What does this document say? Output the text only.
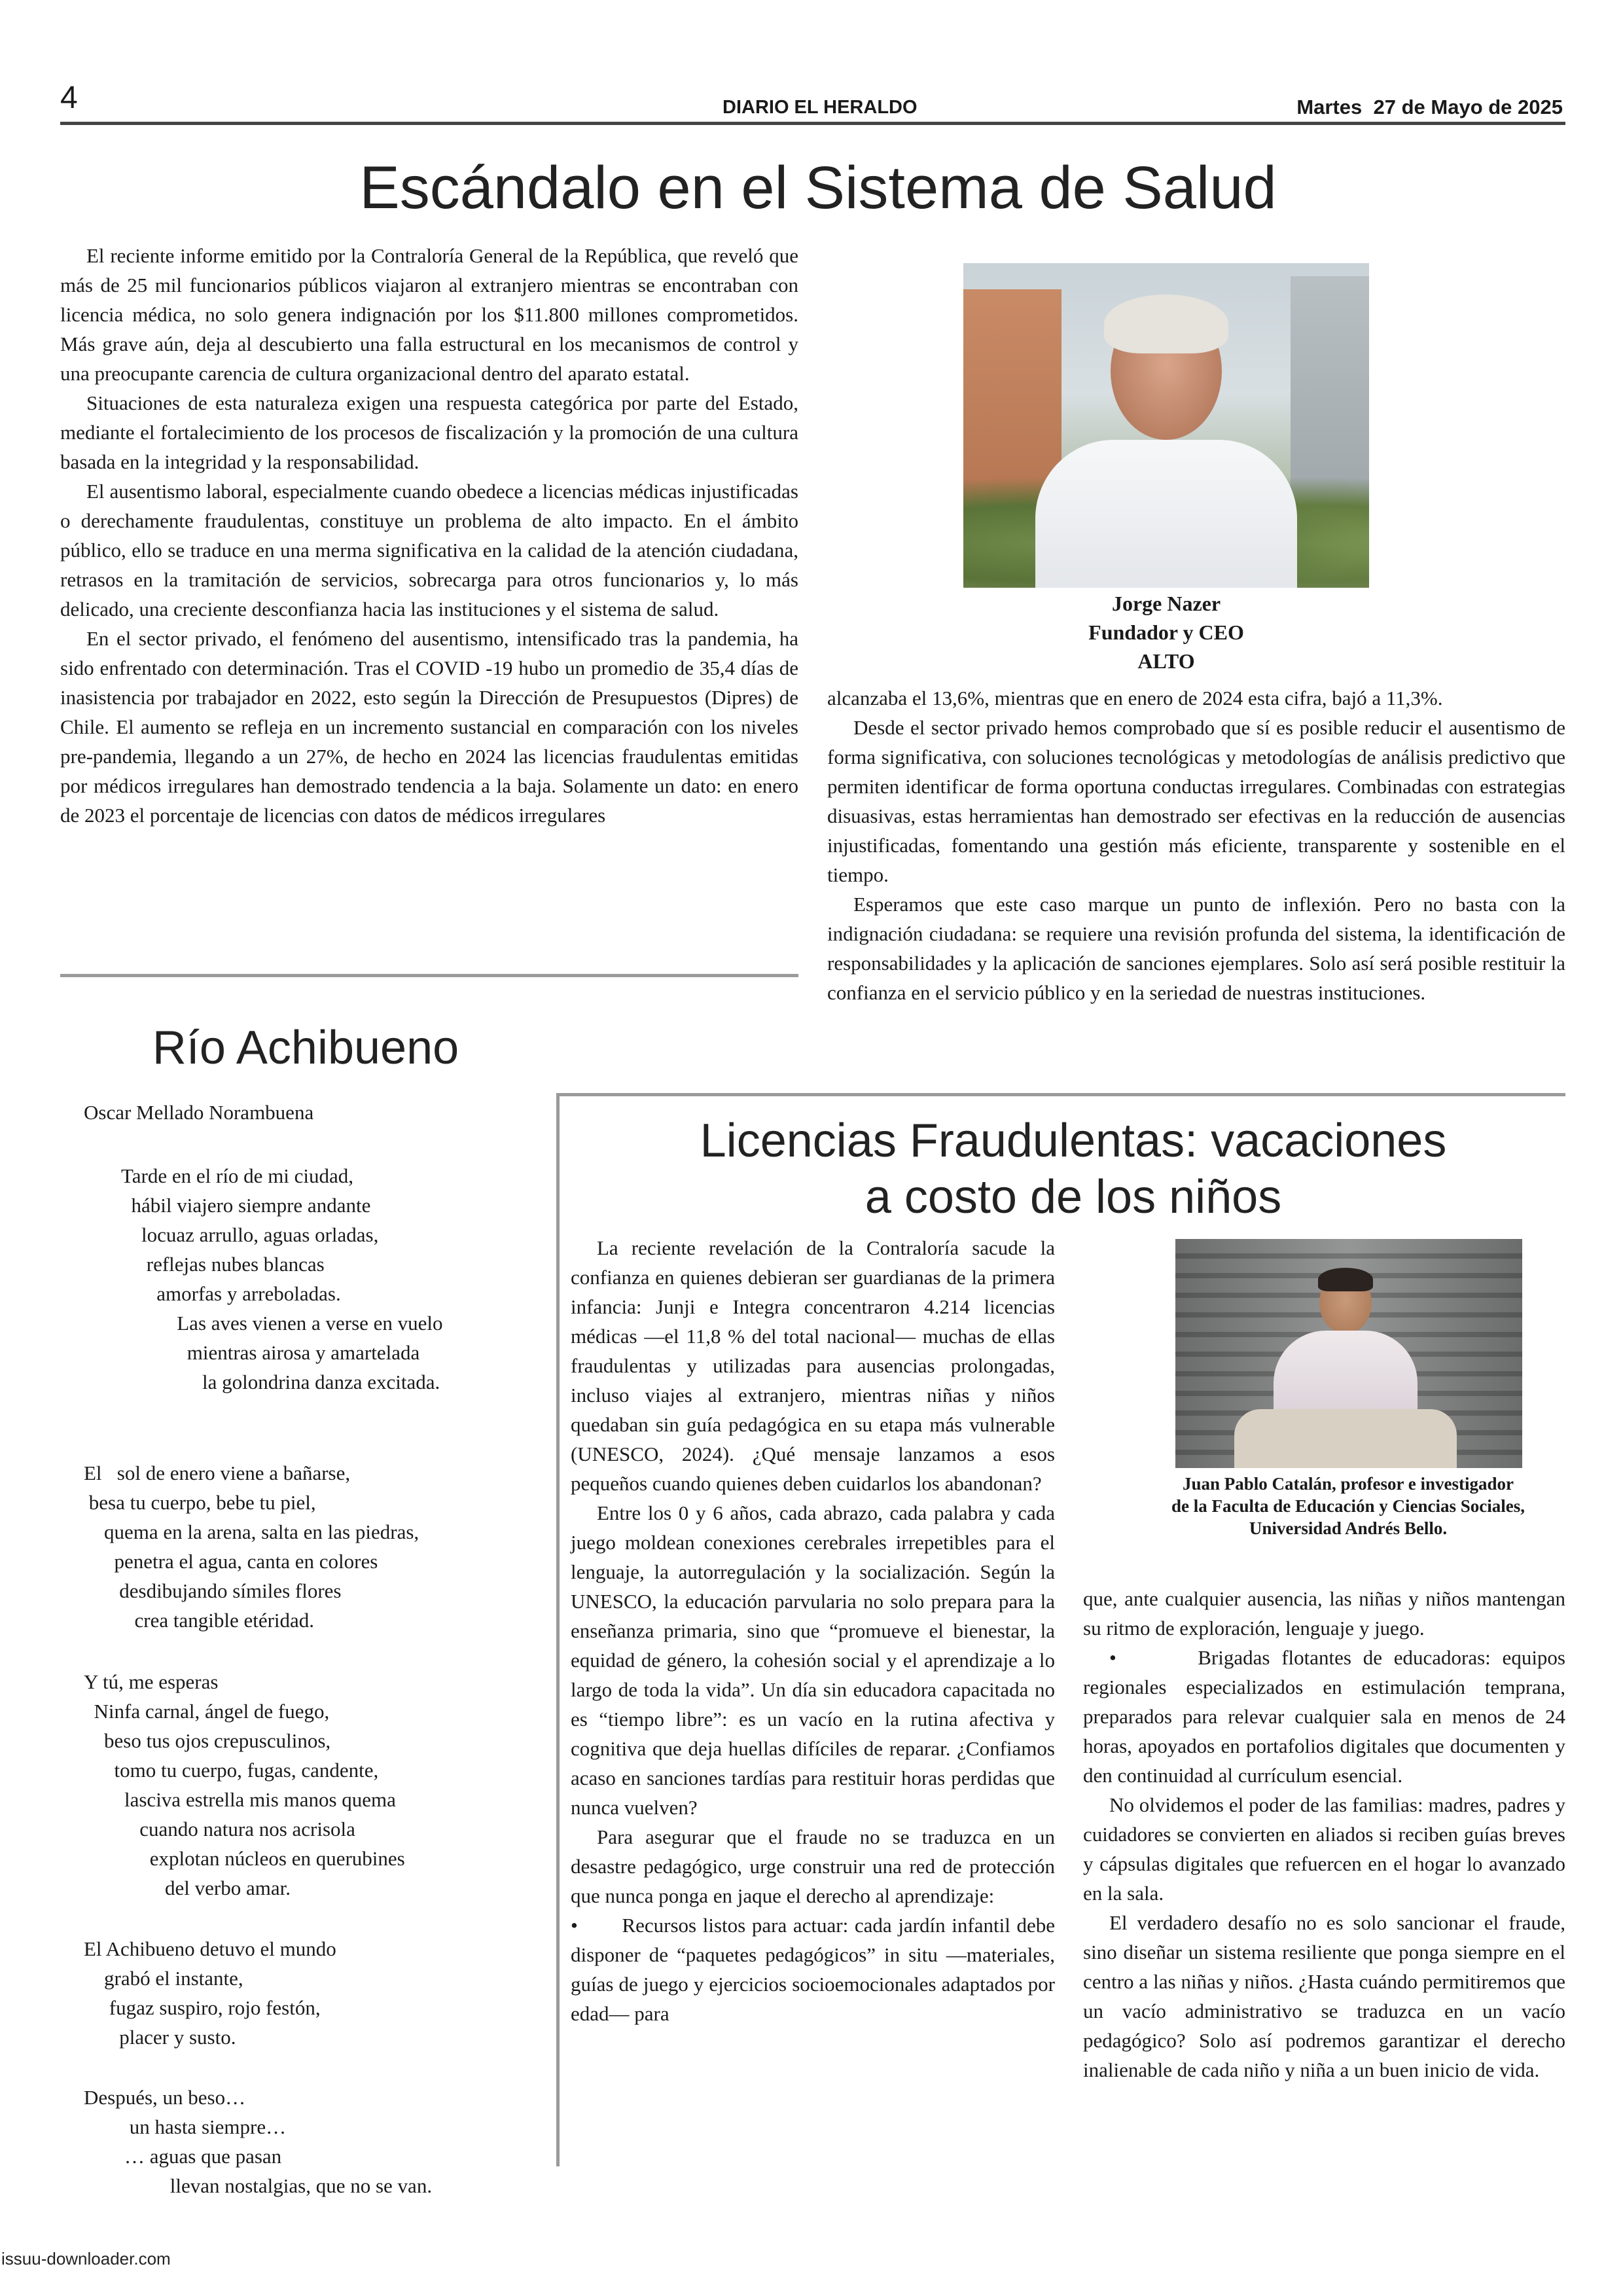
4	DIARIO EL HERALDO	Martes  27 de Mayo de 2025
Escándalo en el Sistema de Salud

El reciente informe emitido por la Contraloría General de la República, que reveló que más de 25 mil funcionarios públicos viajaron al extranjero mientras se encontraban con licencia médica, no solo genera indignación por los $11.800 millones comprometidos. Más grave aún, deja al descubierto una falla estructural en los mecanismos de control y una preocupante carencia de cultura organizacional dentro del aparato estatal.

Situaciones de esta naturaleza exigen una respuesta categórica por parte del Estado, mediante el fortalecimiento de los procesos de fiscalización y la promoción de una cultura basada en la integridad y la responsabilidad.

El ausentismo laboral, especialmente cuando obedece a licencias médicas injustificadas o derechamente fraudulentas, constituye un problema de alto impacto. En el ámbito público, ello se traduce en una merma significativa en la calidad de la atención ciudadana, retrasos en la tramitación de servicios, sobrecarga para otros funcionarios y, lo más delicado, una creciente desconfianza hacia las instituciones y el sistema de salud.

En el sector privado, el fenómeno del ausentismo, intensificado tras la pandemia, ha sido enfrentado con determinación. Tras el COVID -19 hubo un promedio de 35,4 días de inasistencia por trabajador en 2022, esto según la Dirección de Presupuestos (Dipres) de Chile. El aumento se refleja en un incremento sustancial en comparación con los niveles pre-pandemia, llegando a un 27%, de hecho en 2024 las licencias fraudulentas emitidas por médicos irregulares han demostrado tendencia a la baja. Solamente un dato: en enero de 2023 el porcentaje de licencias con datos de médicos irregulares

Jorge Nazer
Fundador y CEO
ALTO

alcanzaba el 13,6%, mientras que en enero de 2024 esta cifra, bajó a 11,3%.

Desde el sector privado hemos comprobado que sí es posible reducir el ausentismo de forma significativa, con soluciones tecnológicas y metodologías de análisis predictivo que permiten identificar de forma oportuna conductas irregulares. Combinadas con estrategias disuasivas, estas herramientas han demostrado ser efectivas en la reducción de ausencias injustificadas, fomentando una gestión más eficiente, transparente y sostenible en el tiempo.

Esperamos que este caso marque un punto de inflexión. Pero no basta con la indignación ciudadana: se requiere una revisión profunda del sistema, la identificación de responsabilidades y la aplicación de sanciones ejemplares. Solo así será posible restituir la confianza en el servicio público y en la seriedad de nuestras instituciones.

Río Achibueno
Oscar Mellado Norambuena
Tarde en el río de mi ciudad,
hábil viajero siempre andante
locuaz arrullo, aguas orladas,
reflejas nubes blancas
amorfas y arreboladas.
Las aves vienen a verse en vuelo
mientras airosa y amartelada
la golondrina danza excitada.
El   sol de enero viene a bañarse,
besa tu cuerpo, bebe tu piel,
quema en la arena, salta en las piedras,
penetra el agua, canta en colores
desdibujando símiles flores
crea tangible etéridad.
Y tú, me esperas
Ninfa carnal, ángel de fuego,
beso tus ojos crepusculinos,
tomo tu cuerpo, fugas, candente,
lasciva estrella mis manos quema
cuando natura nos acrisola
explotan núcleos en querubines
del verbo amar.
El Achibueno detuvo el mundo
grabó el instante,
fugaz suspiro, rojo festón,
placer y susto.
Después, un beso…
un hasta siempre…
… aguas que pasan
llevan nostalgias, que no se van.
Licencias Fraudulentas: vacaciones
a costo de los niños

La reciente revelación de la Contraloría sacude la confianza en quienes debieran ser guardianas de la primera infancia: Junji e Integra concentraron 4.214 licencias médicas —el 11,8 % del total nacional— muchas de ellas fraudulentas y utilizadas para ausencias prolongadas, incluso viajes al extranjero, mientras niñas y niños quedaban sin guía pedagógica en su etapa más vulnerable (UNESCO, 2024). ¿Qué mensaje lanzamos a esos pequeños cuando quienes deben cuidarlos los abandonan?

Entre los 0 y 6 años, cada abrazo, cada palabra y cada juego moldean conexiones cerebrales irrepetibles para el lenguaje, la autorregulación y la socialización. Según la UNESCO, la educación parvularia no solo prepara para la enseñanza primaria, sino que “promueve el bienestar, la equidad de género, la cohesión social y el aprendizaje a lo largo de toda la vida”. Un día sin educadora capacitada no es “tiempo libre”: es un vacío en la rutina afectiva y cognitiva que deja huellas difíciles de reparar. ¿Confiamos acaso en sanciones tardías para restituir horas perdidas que nunca vuelven?

Para asegurar que el fraude no se traduzca en un desastre pedagógico, urge construir una red de protección que nunca ponga en jaque el derecho al aprendizaje:

•       Recursos listos para actuar: cada jardín infantil debe disponer de “paquetes pedagógicos” in situ —materiales, guías de juego y ejercicios socioemocionales adaptados por edad— para

Juan Pablo Catalán, profesor e investigador
de la Faculta de Educación y Ciencias Sociales,
Universidad Andrés Bello.

que, ante cualquier ausencia, las niñas y niños mantengan su ritmo de exploración, lenguaje y juego.

•       Brigadas flotantes de educadoras: equipos regionales especializados en estimulación temprana, preparados para relevar cualquier sala en menos de 24 horas, apoyados en portafolios digitales que documenten y den continuidad al currículum esencial.

No olvidemos el poder de las familias: madres, padres y cuidadores se convierten en aliados si reciben guías breves y cápsulas digitales que refuercen en el hogar lo avanzado en la sala.

El verdadero desafío no es solo sancionar el fraude, sino diseñar un sistema resiliente que ponga siempre en el centro a las niñas y niños. ¿Hasta cuándo permitiremos que un vacío administrativo se traduzca en un vacío pedagógico? Solo así podremos garantizar el derecho inalienable de cada niño y niña a un buen inicio de vida.

issuu-downloader.com
